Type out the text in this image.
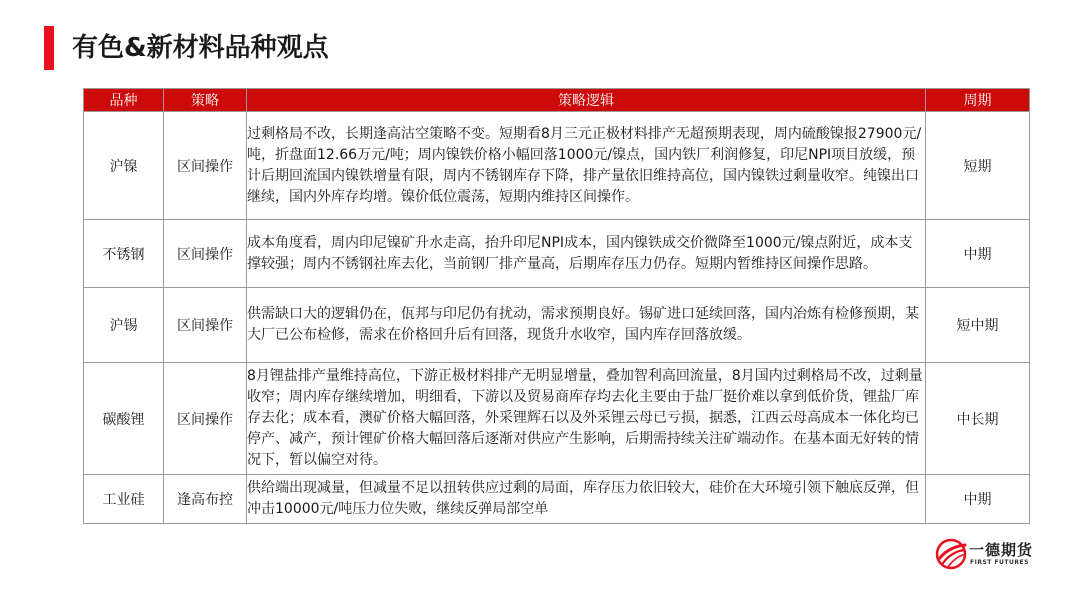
有色&新材料品种观点
品种	策略	策略逻辑	周期
沪镍	区间操作	过剩格局不改，长期逢高沽空策略不变。短期看8月三元正极材料排产无超预期表现，周内硫酸镍报27900元/吨，折盘面12.66万元/吨；周内镍铁价格小幅回落1000元/镍点，国内铁厂利润修复，印尼NPI项目放缓，预计后期回流国内镍铁增量有限，周内不锈钢库存下降，排产量依旧维持高位，国内镍铁过剩量收窄。纯镍出口继续，国内外库存均增。镍价低位震荡，短期内维持区间操作。	短期
不锈钢	区间操作	成本角度看，周内印尼镍矿升水走高，抬升印尼NPI成本，国内镍铁成交价微降至1000元/镍点附近，成本支撑较强；周内不锈钢社库去化，当前钢厂排产量高，后期库存压力仍存。短期内暂维持区间操作思路。	中期
沪锡	区间操作	供需缺口大的逻辑仍在，佤邦与印尼仍有扰动，需求预期良好。锡矿进口延续回落，国内冶炼有检修预期，某大厂已公布检修，需求在价格回升后有回落，现货升水收窄，国内库存回落放缓。	短中期
碳酸锂	区间操作	8月锂盐排产量维持高位，下游正极材料排产无明显增量，叠加智利高回流量，8月国内过剩格局不改，过剩量收窄；周内库存继续增加，明细看，下游以及贸易商库存均去化主要由于盐厂挺价难以拿到低价货，锂盐厂库存去化；成本看，澳矿价格大幅回落，外采锂辉石以及外采锂云母已亏损，据悉，江西云母高成本一体化均已停产、减产，预计锂矿价格大幅回落后逐渐对供应产生影响，后期需持续关注矿端动作。在基本面无好转的情况下，暂以偏空对待。	中长期
工业硅	逢高布控	供给端出现减量，但减量不足以扭转供应过剩的局面，库存压力依旧较大，硅价在大环境引领下触底反弹，但冲击10000元/吨压力位失败，继续反弹局部空单	中期
一德期货
FIRST FUTURES
